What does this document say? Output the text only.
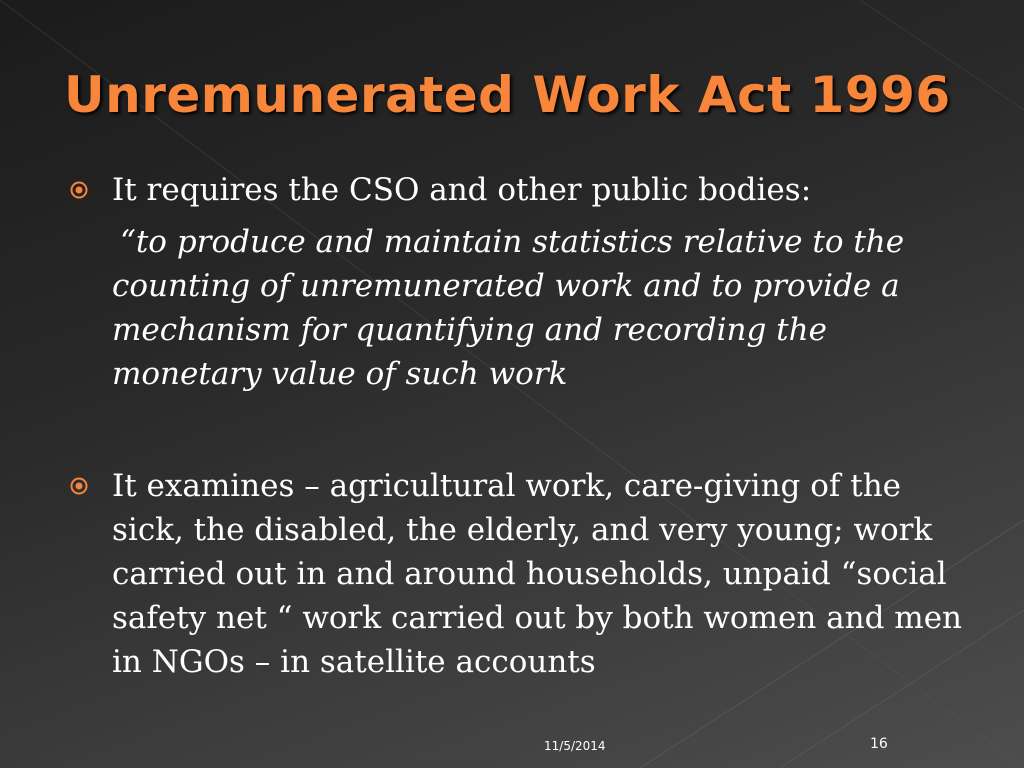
Unremunerated Work Act 1996
It requires the CSO and other public bodies:
“to produce and maintain statistics relative to the counting of unremunerated work and to provide a mechanism for quantifying and recording the monetary value of such work
It examines – agricultural work, care-giving of the sick, the disabled, the elderly, and very young; work carried out in and around households, unpaid “social safety net “ work carried out by both women and men in NGOs – in satellite accounts
11/5/2014	16
